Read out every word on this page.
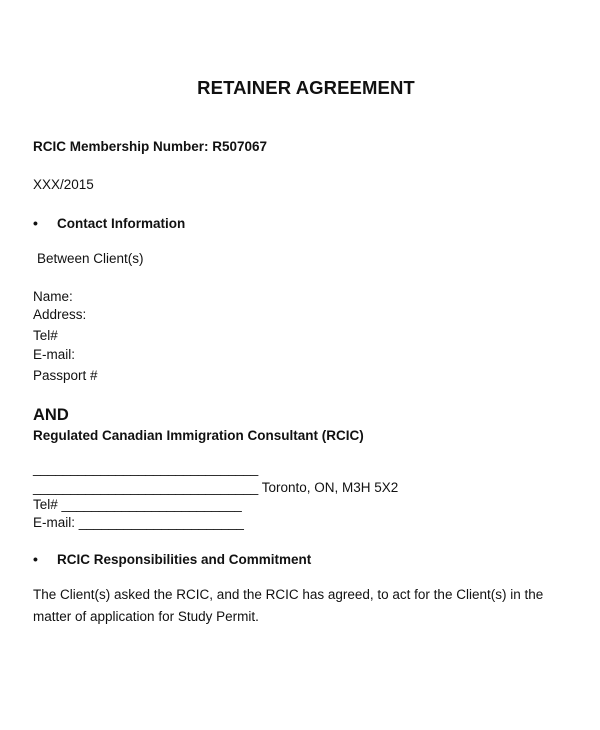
RETAINER AGREEMENT
RCIC Membership Number: R507067
XXX/2015
• Contact Information
Between Client(s)
Name:
Address:
Tel#
E-mail:
Passport #
AND
Regulated Canadian Immigration Consultant (RCIC)
______________________________
______________________________ Toronto, ON, M3H 5X2
Tel# ________________________
E-mail: ______________________
• RCIC Responsibilities and Commitment
The Client(s) asked the RCIC, and the RCIC has agreed, to act for the Client(s) in the matter of application for Study Permit.
